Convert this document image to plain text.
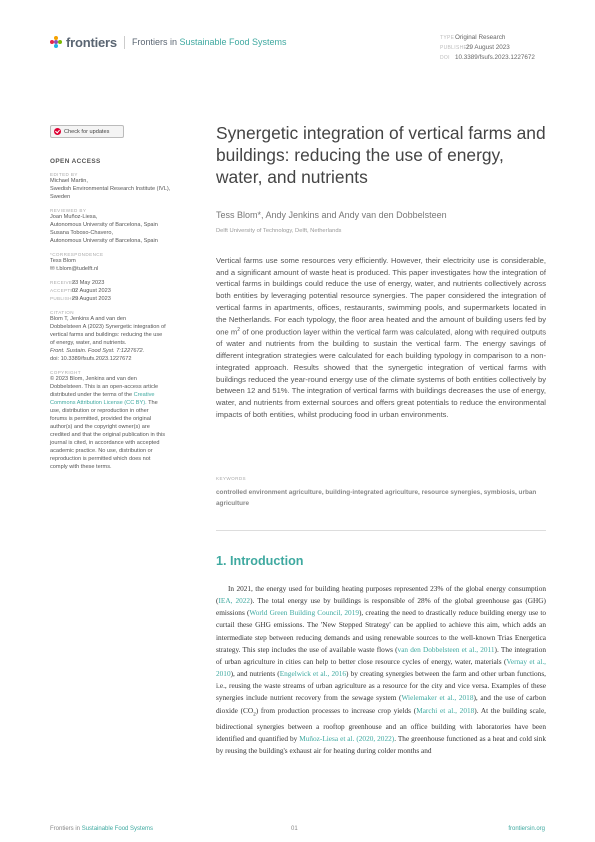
frontiers Frontiers in Sustainable Food Systems	TYPEOriginal Research
PUBLISHED29 August 2023
DOI 10.3389/fsufs.2023.1227672
Check for updates
OPEN ACCESS
EDITED BY
Michael Martin,
Swedish Environmental Research Institute (IVL),
Sweden
REVIEWED BY
Joan Muñoz-Liesa,
Autonomous University of Barcelona, Spain
Susana Toboso-Chavero,
Autonomous University of Barcelona, Spain
*CORRESPONDENCE
Tess Blom
✉ t.blom@tudelft.nl
RECEIVED23 May 2023
ACCEPTED02 August 2023
PUBLISHED29 August 2023
CITATION
Blom T, Jenkins A and van den
Dobbelsteen A (2023) Synergetic integration of
vertical farms and buildings: reducing the use
of energy, water, and nutrients.
Front. Sustain. Food Syst. 7:1227672.
doi: 10.3389/fsufs.2023.1227672
COPYRIGHT
© 2023 Blom, Jenkins and van den
Dobbelsteen. This is an open-access article
distributed under the terms of the Creative
Commons Attribution License (CC BY). The
use, distribution or reproduction in other
forums is permitted, provided the original
author(s) and the copyright owner(s) are
credited and that the original publication in this
journal is cited, in accordance with accepted
academic practice. No use, distribution or
reproduction is permitted which does not
comply with these terms.
Synergetic integration of vertical farms and buildings: reducing the use of energy, water, and nutrients
Tess Blom*, Andy Jenkins and Andy van den Dobbelsteen
Delft University of Technology, Delft, Netherlands

Vertical farms use some resources very efficiently. However, their electricity use is considerable, and a significant amount of waste heat is produced. This paper investigates how the integration of vertical farms in buildings could reduce the use of energy, water, and nutrients collectively across both entities by leveraging potential resource synergies. The paper considered the integration of vertical farms in apartments, offices, restaurants, swimming pools, and supermarkets located in the Netherlands. For each typology, the floor area heated and the amount of building users fed by one $m^2$ of one production layer within the vertical farm was calculated, along with required outputs of water and nutrients from the building to sustain the vertical farm. The energy savings of different integration strategies were calculated for each building typology in comparison to a non-integrated approach. Results showed that the synergetic integration of vertical farms with buildings reduced the year-round energy use of the climate systems of both entities collectively by between 12 and 51%. The integration of vertical farms with buildings decreases the use of energy, water, and nutrients from external sources and offers great potentials to reduce the environmental impacts of both entities, whilst producing food in urban environments.

KEYWORDS
controlled environment agriculture, building-integrated agriculture, resource synergies, symbiosis, urban agriculture
1. Introduction

In 2021, the energy used for building heating purposes represented 23% of the global energy consumption (IEA, 2022). The total energy use by buildings is responsible of 28% of the global greenhouse gas (GHG) emissions (World Green Building Council, 2019), creating the need to drastically reduce building energy use to curtail these GHG emissions. The 'New Stepped Strategy' can be applied to achieve this aim, which adds an intermediate step between reducing demands and using renewable sources to the well-known Trias Energetica strategy. This step includes the use of available waste flows (van den Dobbelsteen et al., 2011). The integration of urban agriculture in cities can help to better close resource cycles of energy, water, materials (Vernay et al., 2010), and nutrients (Engelwick et al., 2016) by creating synergies between the farm and other urban functions, i.e., reusing the waste streams of urban agriculture as a resource for the city and vice versa. Examples of these synergies include nutrient recovery from the sewage system (Wielemaker et al., 2018), and the use of carbon dioxide $(CO_2)$ from production processes to increase crop yields (Marchi et al., 2018). At the building scale, bidirectional synergies between a rooftop greenhouse and an office building with laboratories have been identified and quantified by Muñoz-Liesa et al. (2020, 2022). The greenhouse functioned as a heat and cold sink by reusing the building's exhaust air for heating during colder months and

Frontiers in Sustainable Food Systems	01	frontiersin.org
